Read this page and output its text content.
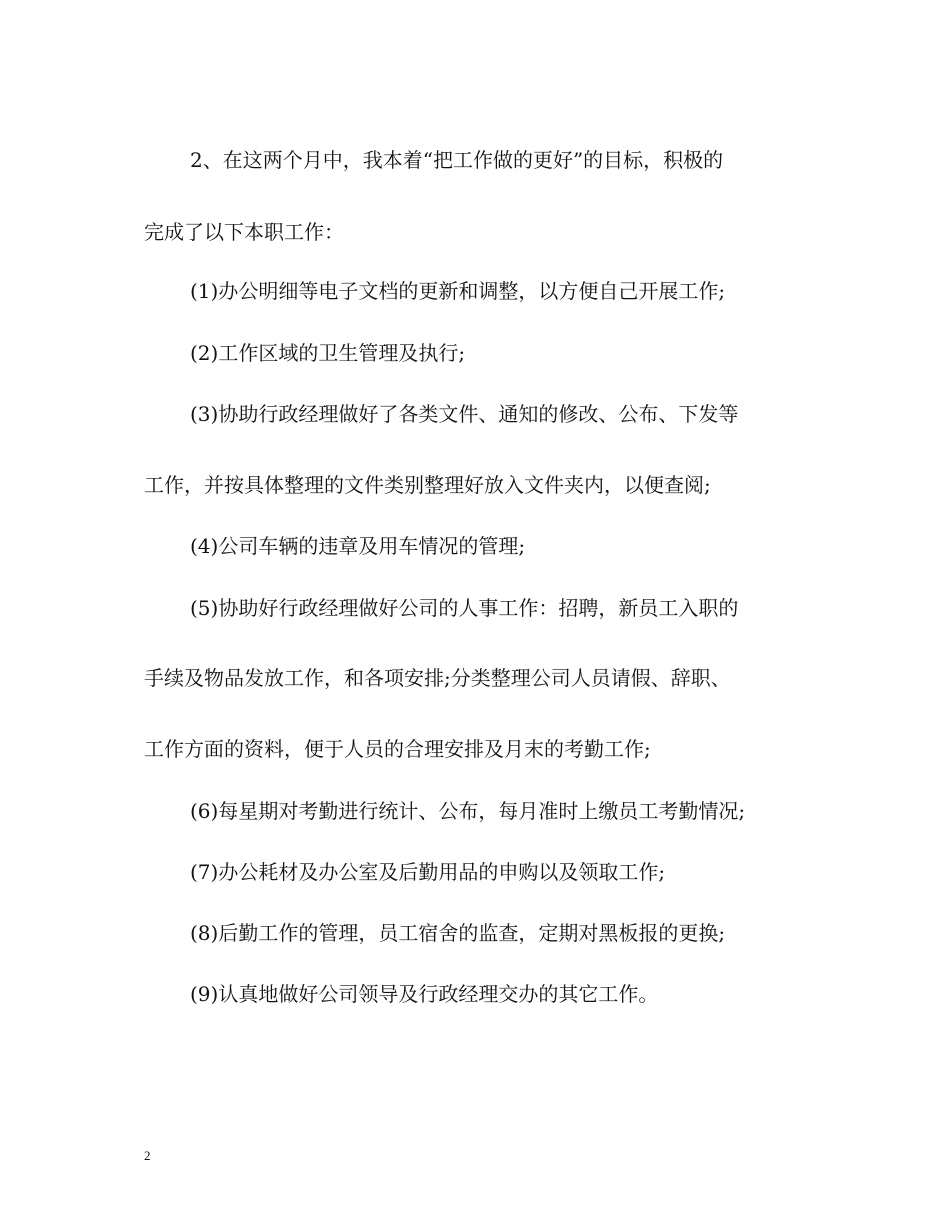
2、在这两个月中，我本着“把工作做的更好”的目标，积极的
完成了以下本职工作：
(1)办公明细等电子文档的更新和调整，以方便自己开展工作;
(2)工作区域的卫生管理及执行;
(3)协助行政经理做好了各类文件、通知的修改、公布、下发等
工作，并按具体整理的文件类别整理好放入文件夹内，以便查阅;
(4)公司车辆的违章及用车情况的管理;
(5)协助好行政经理做好公司的人事工作：招聘，新员工入职的
手续及物品发放工作，和各项安排;分类整理公司人员请假、辞职、
工作方面的资料，便于人员的合理安排及月末的考勤工作;
(6)每星期对考勤进行统计、公布，每月准时上缴员工考勤情况;
(7)办公耗材及办公室及后勤用品的申购以及领取工作;
(8)后勤工作的管理，员工宿舍的监查，定期对黑板报的更换;
(9)认真地做好公司领导及行政经理交办的其它工作。
2
